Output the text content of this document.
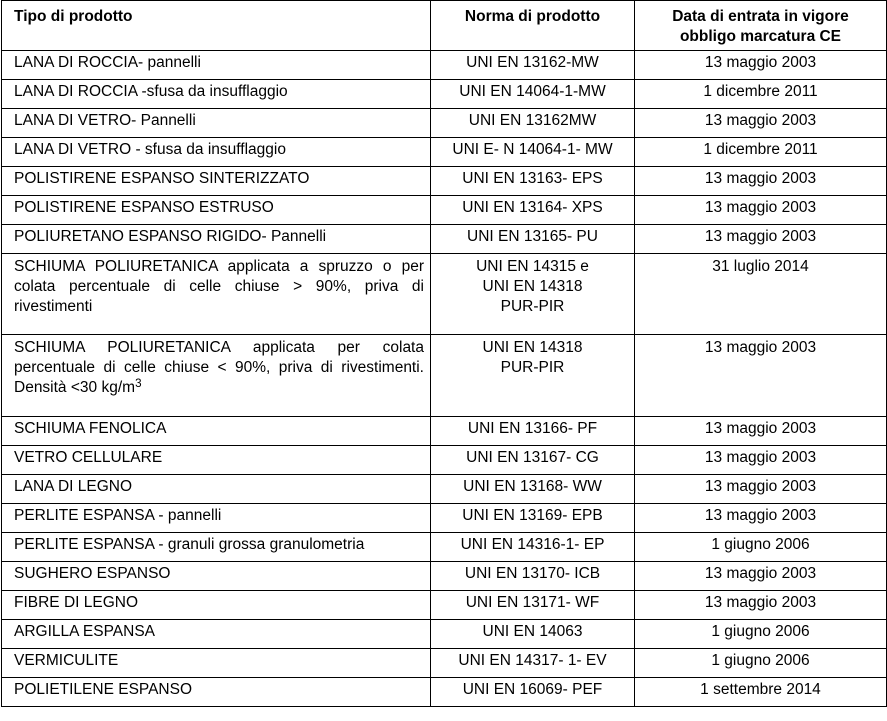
Tipo di prodotto	Norma di prodotto	Data di entrata in vigore
obbligo marcatura CE

LANA DI ROCCIA- pannelli	UNI EN 13162-MW	13 maggio 2003
LANA DI ROCCIA -sfusa da insufflaggio	UNI EN 14064-1-MW	1 dicembre 2011
LANA DI VETRO- Pannelli	UNI EN 13162MW	13 maggio 2003
LANA DI VETRO - sfusa da insufflaggio	UNI E- N 14064-1- MW	1 dicembre 2011
POLISTIRENE ESPANSO SINTERIZZATO	UNI EN 13163- EPS	13 maggio 2003
POLISTIRENE ESPANSO ESTRUSO	UNI EN 13164- XPS	13 maggio 2003
POLIURETANO ESPANSO RIGIDO- Pannelli	UNI EN 13165- PU	13 maggio 2003
SCHIUMA POLIURETANICA applicata a spruzzo o per colata percentuale di celle chiuse > 90%, priva di rivestimenti	UNI EN 14315 e
UNI EN 14318
PUR-PIR	31 luglio 2014
SCHIUMA POLIURETANICA applicata per colata percentuale di celle chiuse < 90%, priva di rivestimenti. Densità <30 $kg/m^3$	UNI EN 14318
PUR-PIR	13 maggio 2003
SCHIUMA FENOLICA	UNI EN 13166- PF	13 maggio 2003
VETRO CELLULARE	UNI EN 13167- CG	13 maggio 2003
LANA DI LEGNO	UNI EN 13168- WW	13 maggio 2003
PERLITE ESPANSA - pannelli	UNI EN 13169- EPB	13 maggio 2003
PERLITE ESPANSA - granuli grossa granulometria	UNI EN 14316-1- EP	1 giugno 2006
SUGHERO ESPANSO	UNI EN 13170- ICB	13 maggio 2003
FIBRE DI LEGNO	UNI EN 13171- WF	13 maggio 2003
ARGILLA ESPANSA	UNI EN 14063	1 giugno 2006
VERMICULITE	UNI EN 14317- 1- EV	1 giugno 2006
POLIETILENE ESPANSO	UNI EN 16069- PEF	1 settembre 2014
